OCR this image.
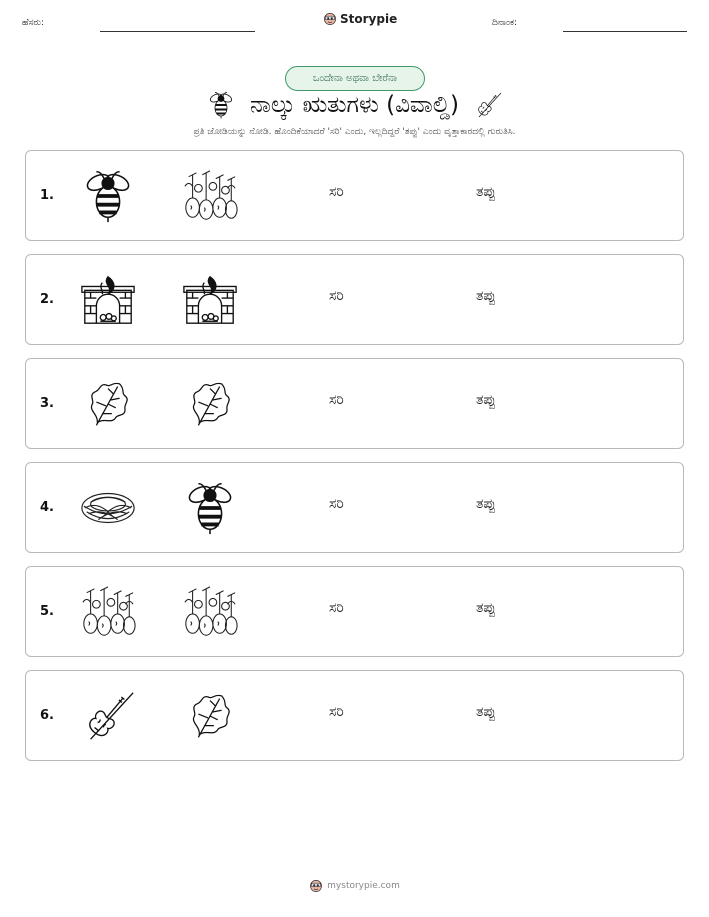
ಹೆಸರು:	Storypie	ದಿನಾಂಕ:
ಒಂದೇನಾ ಅಥವಾ ಬೇರೆನಾ
ನಾಲ್ಕು ಋತುಗಳು (ವಿವಾಲ್ಡಿ)
ಪ್ರತಿ ಜೋಡಿಯನ್ನು ನೋಡಿ. ಹೊಂದಿಕೆಯಾದರೆ 'ಸರಿ' ಎಂದು, ಇಲ್ಲದಿದ್ದರೆ 'ತಪ್ಪು' ಎಂದು ವೃತ್ತಾಕಾರದಲ್ಲಿ ಗುರುತಿಸಿ.
1.	ಸರಿ	ತಪ್ಪು
2.	ಸರಿ	ತಪ್ಪು
3.	ಸರಿ	ತಪ್ಪು
4.	ಸರಿ	ತಪ್ಪು
5.	ಸರಿ	ತಪ್ಪು
6.	ಸರಿ	ತಪ್ಪು
mystorypie.com
